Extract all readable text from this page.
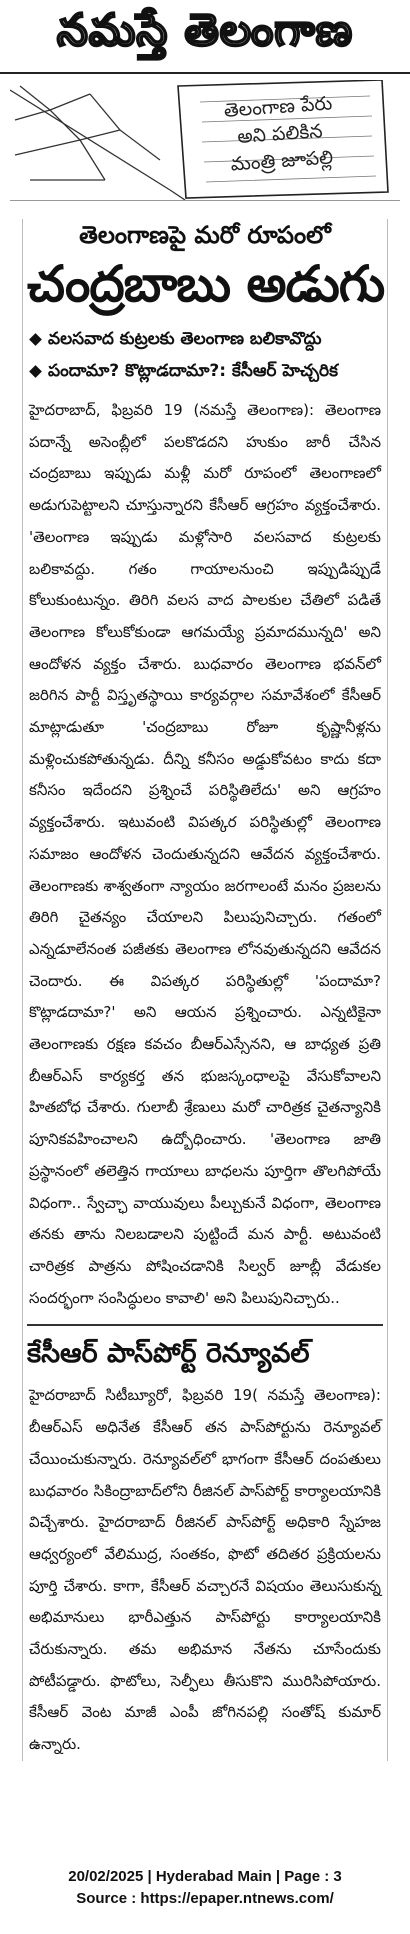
నమస్తే తెలంగాణ
తెలంగాణ పేరు
అని పలికిన
మంత్రి జూపల్లి
తెలంగాణపై మరో రూపంలో
చంద్రబాబు అడుగు
వలసవాద కుట్రలకు తెలంగాణ బలికావొద్దు
పందామా? కొట్లాడదామా?: కేసీఆర్ హెచ్చరిక

హైదరాబాద్, ఫిబ్రవరి 19 (నమస్తే తెలంగాణ): తెలంగాణ పదాన్నే అసెంబ్లీలో పలకొడదని హుకుం జారీ చేసిన చంద్రబాబు ఇప్పుడు మళ్లీ మరో రూపంలో తెలంగాణలో అడుగుపెట్టాలని చూస్తున్నారని కేసీఆర్ ఆగ్రహం వ్యక్తంచేశారు. 'తెలంగాణ ఇప్పుడు మళ్లోసారి వలసవాద కుట్రలకు బలికావద్దు. గతం గాయాలనుంచి ఇప్పుడిప్పుడే కోలుకుంటున్నం. తిరిగి వలస వాద పాలకుల చేతిలో పడితే తెలంగాణ కోలుకోకుండా ఆగమయ్యే ప్రమాదమున్నది' అని ఆందోళన వ్యక్తం చేశారు. బుధవారం తెలంగాణ భవన్‌లో జరిగిన పార్టీ విస్తృతస్థాయి కార్యవర్గాల సమావేశంలో కేసీఆర్ మాట్లాడుతూ 'చంద్రబాబు రోజూ కృష్ణానీళ్లను మళ్లించుకపోతున్నడు. దీన్ని కనీసం అడ్డుకోవటం కాదు కదా కనీసం ఇదేందని ప్రశ్నించే పరిస్థితిలేదు' అని ఆగ్రహం వ్యక్తంచేశారు. ఇటువంటి విపత్కర పరిస్థితుల్లో తెలంగాణ సమాజం ఆందోళన చెందుతున్నదని ఆవేదన వ్యక్తంచేశారు. తెలంగాణకు శాశ్వతంగా న్యాయం జరగాలంటే మనం ప్రజలను తిరిగి చైతన్యం చేయాలని పిలుపునిచ్చారు. గతంలో ఎన్నడూలేనంత పజీతకు తెలంగాణ లోనవుతున్నదని ఆవేదన చెందారు. ఈ విపత్కర పరిస్థితుల్లో 'పందామా? కొట్లాడదామా?' అని ఆయన ప్రశ్నించారు. ఎన్నటికైనా తెలంగాణకు రక్షణ కవచం బీఆర్ఎస్సేనని, ఆ బాధ్యత ప్రతి బీఆర్ఎస్ కార్యకర్త తన భుజస్కంధాలపై వేసుకోవాలని హితబోధ చేశారు. గులాబీ శ్రేణులు మరో చారిత్రక చైతన్యానికి పూనికవహించాలని ఉద్బోధించారు. 'తెలంగాణ జాతి ప్రస్థానంలో తలెత్తిన గాయాలు బాధలను పూర్తిగా తొలగిపోయే విధంగా.. స్వేచ్ఛా వాయువులు పీల్చుకునే విధంగా, తెలంగాణ తనకు తాను నిలబడాలని పుట్టిందే మన పార్టీ. అటువంటి చారిత్రక పాత్రను పోషించడానికి సిల్వర్ జూబ్లీ వేడుకల సందర్భంగా సంసిద్ధులం కావాలి' అని పిలుపునిచ్చారు..

కేసీఆర్ పాస్‌పోర్ట్ రెన్యూవల్

హైదరాబాద్ సిటీబ్యూరో, ఫిబ్రవరి 19( నమస్తే తెలంగాణ): బీఆర్ఎస్ అధినేత కేసీఆర్ తన పాస్‌పోర్టును రెన్యూవల్ చేయించుకున్నారు. రెన్యూవల్‌లో భాగంగా కేసీఆర్ దంపతులు బుధవారం సికింద్రాబాద్‌లోని రీజినల్ పాస్‌పోర్ట్ కార్యాలయానికి విచ్చేశారు. హైదరాబాద్ రీజినల్ పాస్‌పోర్ట్ అధికారి స్నేహజ ఆధ్వర్యంలో వేలిముద్ర, సంతకం, ఫొటో తదితర ప్రక్రియలను పూర్తి చేశారు. కాగా, కేసీఆర్ వచ్చారనే విషయం తెలుసుకున్న అభిమానులు భారీఎత్తున పాస్‌పోర్టు కార్యాలయానికి చేరుకున్నారు. తమ అభిమాన నేతను చూసేందుకు పోటీపడ్డారు. ఫొటోలు, సెల్ఫీలు తీసుకొని మురిసిపోయారు. కేసీఆర్ వెంట మాజీ ఎంపీ జోగినపల్లి సంతోష్ కుమార్ ఉన్నారు.

20/02/2025 | Hyderabad Main | Page : 3
Source : https://epaper.ntnews.com/
